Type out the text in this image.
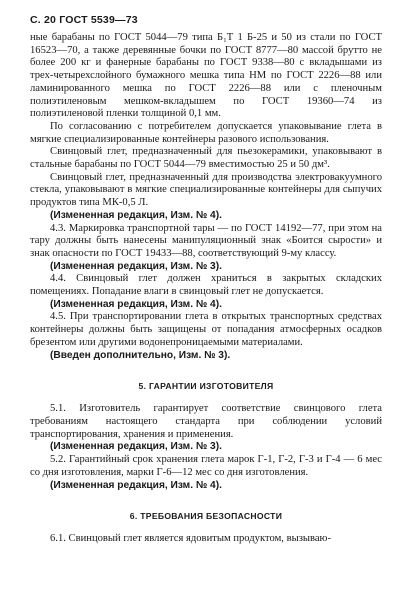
С. 20 ГОСТ 5539—73

ные барабаны по ГОСТ 5044—79 типа Б₁Т 1 Б-25 и 50 из стали по ГОСТ 16523—70, а также деревянные бочки по ГОСТ 8777—80 массой брутто не более 200 кг и фанерные барабаны по ГОСТ 9338—80 с вкладышами из трех-четырехслойного бумажного мешка типа НМ по ГОСТ 2226—88 или ламинированного мешка по ГОСТ 2226—88 или с пленочным полиэтиленовым мешком-вкладышем по ГОСТ 19360—74 из полиэтиленовой пленки толщиной 0,1 мм.

По согласованию с потребителем допускается упаковывание глета в мягкие специализированные контейнеры разового использования.

Свинцовый глет, предназначенный для пьезокерамики, упаковывают в стальные барабаны по ГОСТ 5044—79 вместимостью 25 и 50 дм³.

Свинцовый глет, предназначенный для производства электровакуумного стекла, упаковывают в мягкие специализированные контейнеры для сыпучих продуктов типа МК-0,5 Л.

(Измененная редакция, Изм. № 4).

4.3. Маркировка транспортной тары — по ГОСТ 14192—77, при этом на тару должны быть нанесены манипуляционный знак «Боится сырости» и знак опасности по ГОСТ 19433—88, соответствующий 9-му классу.

(Измененная редакция, Изм. № 3).

4.4. Свинцовый глет должен храниться в закрытых складских помещениях. Попадание влаги в свинцовый глет не допускается.

(Измененная редакция, Изм. № 4).

4.5. При транспортировании глета в открытых транспортных средствах контейнеры должны быть защищены от попадания атмосферных осадков брезентом или другими водонепроницаемыми материалами.

(Введен дополнительно, Изм. № 3).
5. ГАРАНТИИ ИЗГОТОВИТЕЛЯ

5.1. Изготовитель гарантирует соответствие свинцового глета требованиям настоящего стандарта при соблюдении условий транспортирования, хранения и применения.

(Измененная редакция, Изм. № 3).

5.2. Гарантийный срок хранения глета марок Г-1, Г-2, Г-3 и Г-4 — 6 мес со дня изготовления, марки Г-6—12 мес со дня изготовления.

(Измененная редакция, Изм. № 4).
6. ТРЕБОВАНИЯ БЕЗОПАСНОСТИ

6.1. Свинцовый глет является ядовитым продуктом, вызываю-
